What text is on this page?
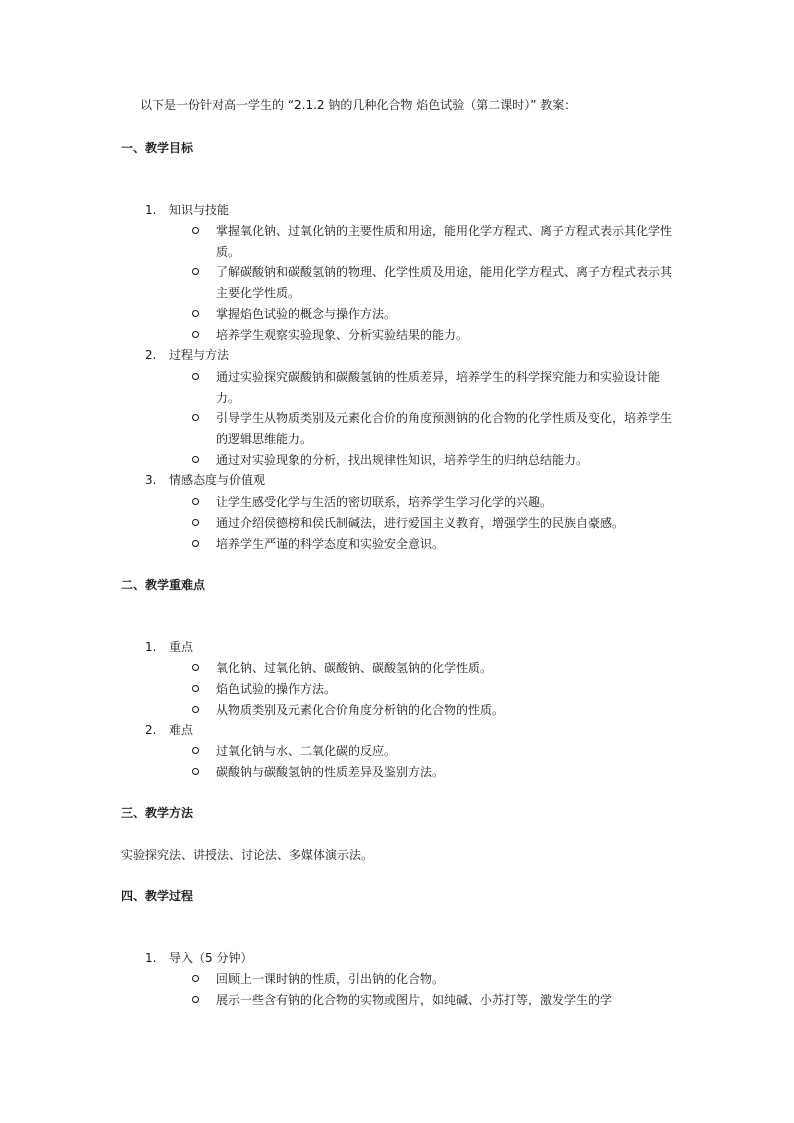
以下是一份针对高一学生的 “2.1.2 钠的几种化合物 焰色试验（第二课时）” 教案：
一、教学目标
1. 知识与技能
掌握氧化钠、过氧化钠的主要性质和用途，能用化学方程式、离子方程式表示其化学性质。
了解碳酸钠和碳酸氢钠的物理、化学性质及用途，能用化学方程式、离子方程式表示其主要化学性质。
掌握焰色试验的概念与操作方法。
培养学生观察实验现象、分析实验结果的能力。
2. 过程与方法
通过实验探究碳酸钠和碳酸氢钠的性质差异，培养学生的科学探究能力和实验设计能力。
引导学生从物质类别及元素化合价的角度预测钠的化合物的化学性质及变化，培养学生的逻辑思维能力。
通过对实验现象的分析，找出规律性知识，培养学生的归纳总结能力。
3. 情感态度与价值观
让学生感受化学与生活的密切联系，培养学生学习化学的兴趣。
通过介绍侯德榜和侯氏制碱法，进行爱国主义教育，增强学生的民族自豪感。
培养学生严谨的科学态度和实验安全意识。
二、教学重难点
1. 重点
氧化钠、过氧化钠、碳酸钠、碳酸氢钠的化学性质。
焰色试验的操作方法。
从物质类别及元素化合价角度分析钠的化合物的性质。
2. 难点
过氧化钠与水、二氧化碳的反应。
碳酸钠与碳酸氢钠的性质差异及鉴别方法。
三、教学方法
实验探究法、讲授法、讨论法、多媒体演示法。
四、教学过程
1. 导入（5 分钟）
回顾上一课时钠的性质，引出钠的化合物。
展示一些含有钠的化合物的实物或图片，如纯碱、小苏打等，激发学生的学
